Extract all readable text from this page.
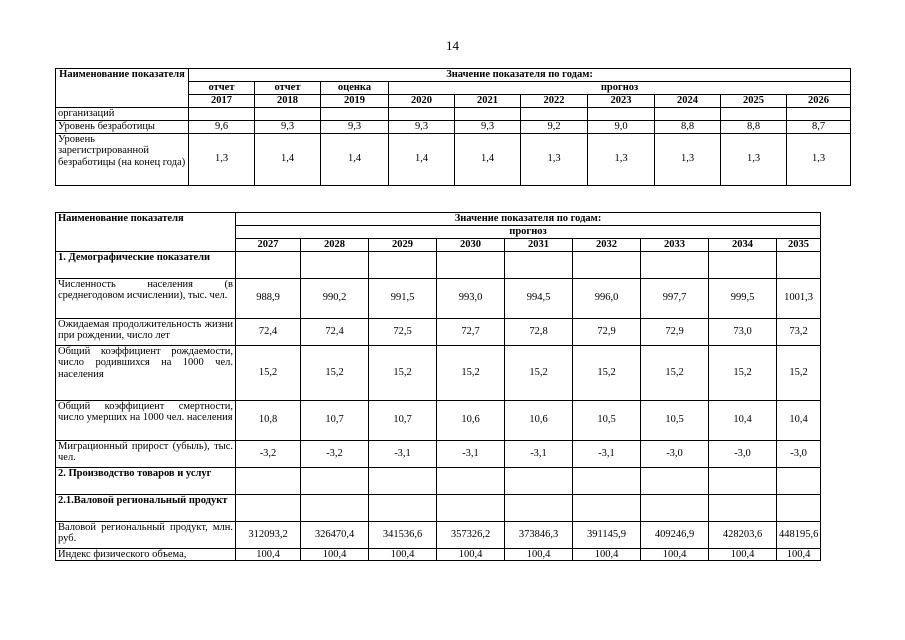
14
Наименование показателя	Значение показателя по годам:									
	отчет	отчет	оценка	прогноз						
	2017	2018	2019	2020	2021	2022	2023	2024	2025	2026
организаций										
Уровень безработицы	9,6	9,3	9,3	9,3	9,3	9,2	9,0	8,8	8,8	8,7
Уровень зарегистрированной безработицы (на конец года)	1,3	1,4	1,4	1,4	1,4	1,3	1,3	1,3	1,3	1,3
Наименование показателя	Значение показателя по годам:								
	прогноз								
	2027	2028	2029	2030	2031	2032	2033	2034	2035
1. Демографические показатели									
Численность населения (в среднегодовом исчислении), тыс. чел.	988,9	990,2	991,5	993,0	994,5	996,0	997,7	999,5	1001,3
Ожидаемая продолжительность жизни при рождении, число лет	72,4	72,4	72,5	72,7	72,8	72,9	72,9	73,0	73,2
Общий коэффициент рождаемости, число родившихся на 1000 чел. населения	15,2	15,2	15,2	15,2	15,2	15,2	15,2	15,2	15,2
Общий коэффициент смертности, число умерших на 1000 чел. населения	10,8	10,7	10,7	10,6	10,6	10,5	10,5	10,4	10,4
Миграционный прирост (убыль), тыс. чел.	-3,2	-3,2	-3,1	-3,1	-3,1	-3,1	-3,0	-3,0	-3,0
2. Производство товаров и услуг									
2.1.Валовой региональный продукт									
Валовой региональный продукт, млн. руб.	312093,2	326470,4	341536,6	357326,2	373846,3	391145,9	409246,9	428203,6	448195,6
Индекс физического объема,	100,4	100,4	100,4	100,4	100,4	100,4	100,4	100,4	100,4
